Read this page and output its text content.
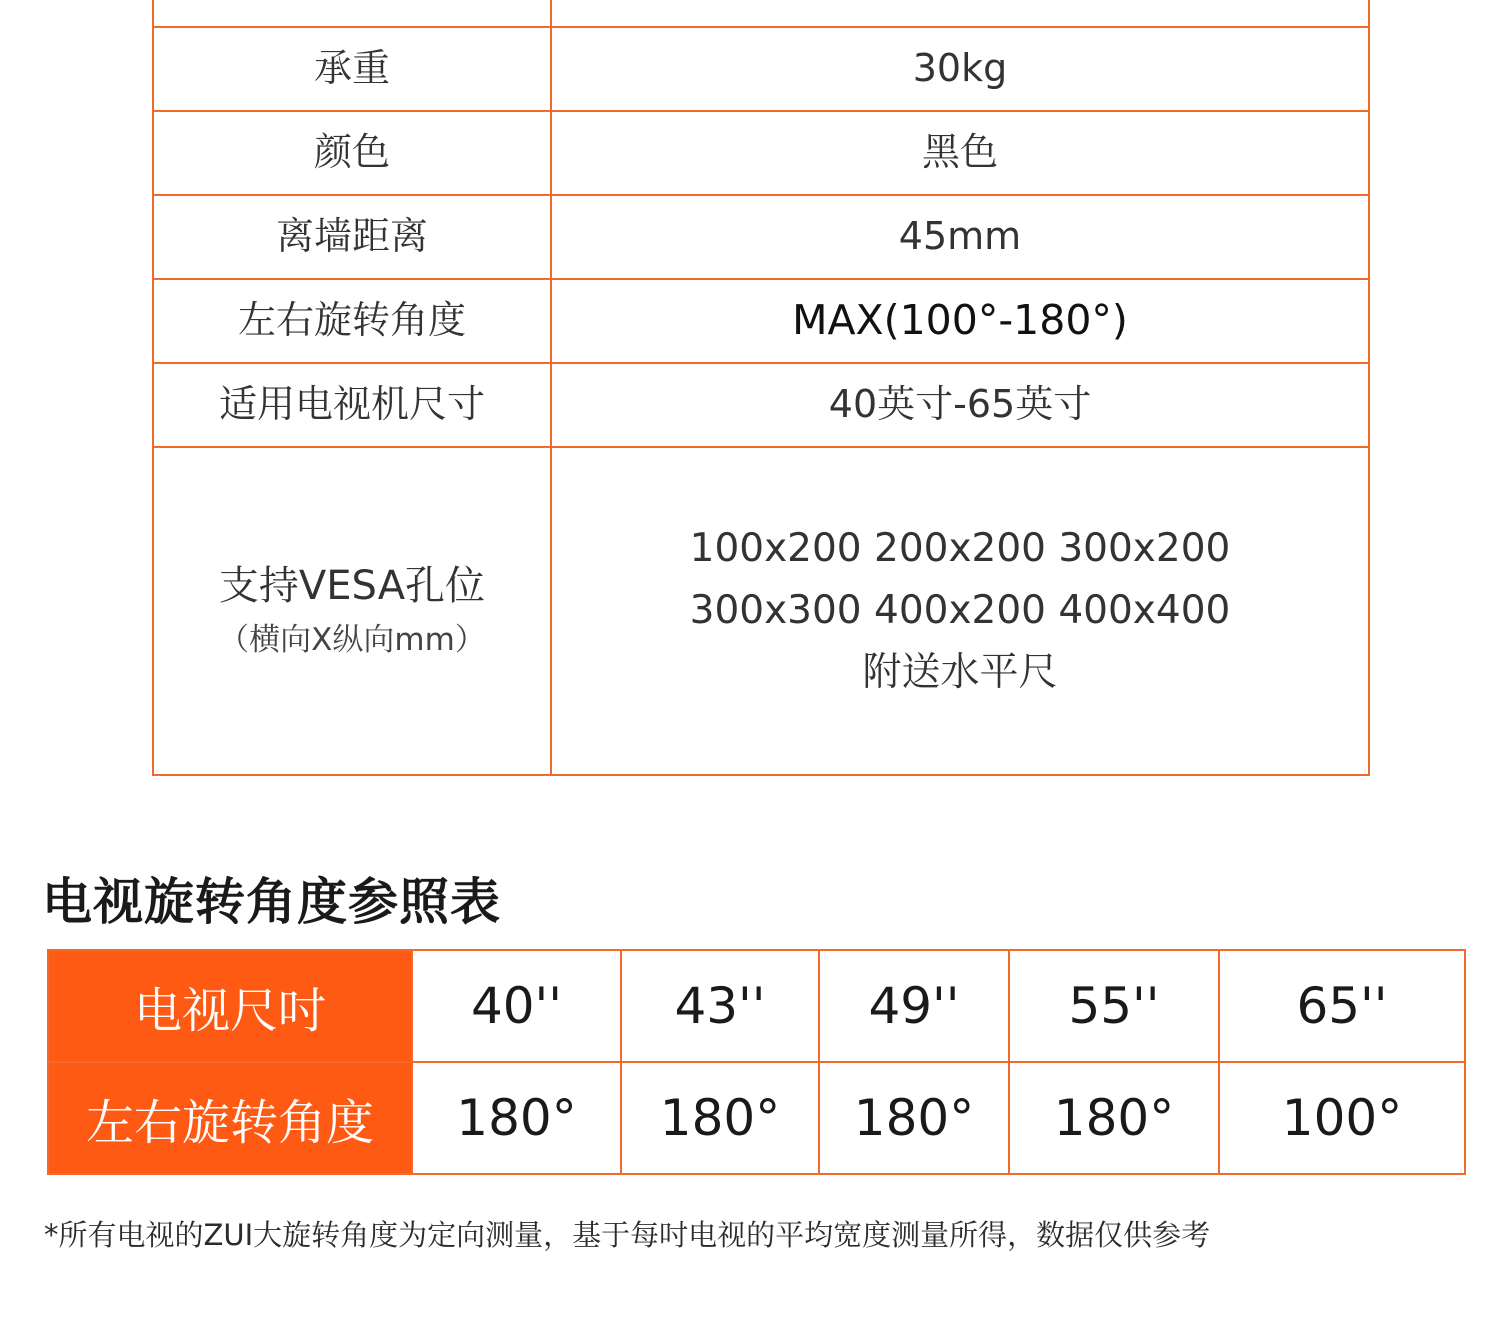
承重	30kg
颜色	黑色
离墙距离	45mm
左右旋转角度	MAX(100°-180°)
适用电视机尺寸	40英寸-65英寸

支持VESA孔位
（横向X纵向mm）	100x200 200x200 300x200
300x300 400x200 400x400
附送水平尺
电视旋转角度参照表
电视尺吋	40''	43''	49''	55''	65''
左右旋转角度	180°	180°	180°	180°	100°

*所有电视的ZUI大旋转角度为定向测量，基于每吋电视的平均宽度测量所得，数据仅供参考
